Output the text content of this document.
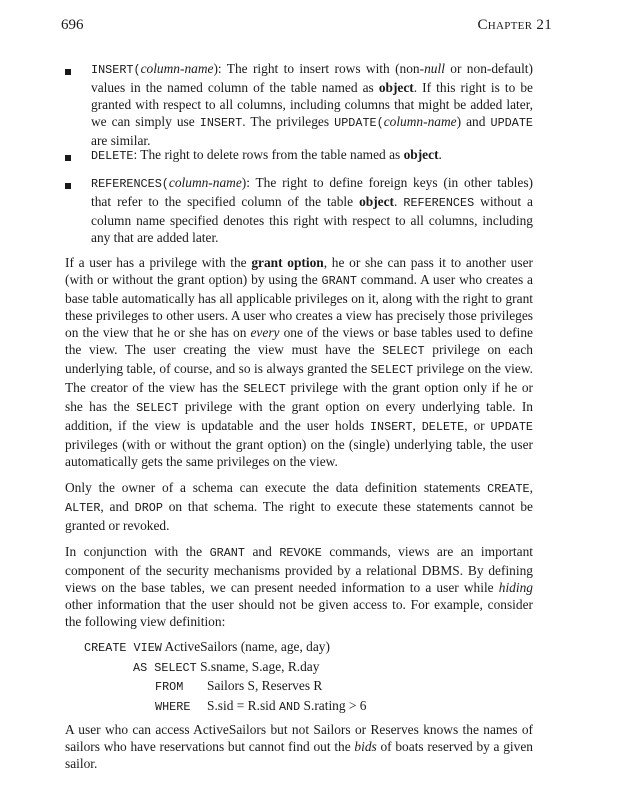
696	Chapter 21
INSERT(column-name): The right to insert rows with (non-null or non-default) values in the named column of the table named as object. If this right is to be granted with respect to all columns, including columns that might be added later, we can simply use INSERT. The privileges UPDATE(column-name) and UPDATE are similar.
DELETE: The right to delete rows from the table named as object.
REFERENCES(column-name): The right to define foreign keys (in other tables) that refer to the specified column of the table object. REFERENCES without a column name specified denotes this right with respect to all columns, including any that are added later.
If a user has a privilege with the grant option, he or she can pass it to another user (with or without the grant option) by using the GRANT command. A user who creates a base table automatically has all applicable privileges on it, along with the right to grant these privileges to other users. A user who creates a view has precisely those privileges on the view that he or she has on every one of the views or base tables used to define the view. The user creating the view must have the SELECT privilege on each underlying table, of course, and so is always granted the SELECT privilege on the view. The creator of the view has the SELECT privilege with the grant option only if he or she has the SELECT privilege with the grant option on every underlying table. In addition, if the view is updatable and the user holds INSERT, DELETE, or UPDATE privileges (with or without the grant option) on the (single) underlying table, the user automatically gets the same privileges on the view.
Only the owner of a schema can execute the data definition statements CREATE, ALTER, and DROP on that schema. The right to execute these statements cannot be granted or revoked.
In conjunction with the GRANT and REVOKE commands, views are an important component of the security mechanisms provided by a relational DBMS. By defining views on the base tables, we can present needed information to a user while hiding other information that the user should not be given access to. For example, consider the following view definition:
CREATE VIEW ActiveSailors (name, age, day)
AS SELECT S.sname, S.age, R.day
FROM Sailors S, Reserves R
WHERE S.sid = R.sid AND S.rating > 6
A user who can access ActiveSailors but not Sailors or Reserves knows the names of sailors who have reservations but cannot find out the bids of boats reserved by a given sailor.
